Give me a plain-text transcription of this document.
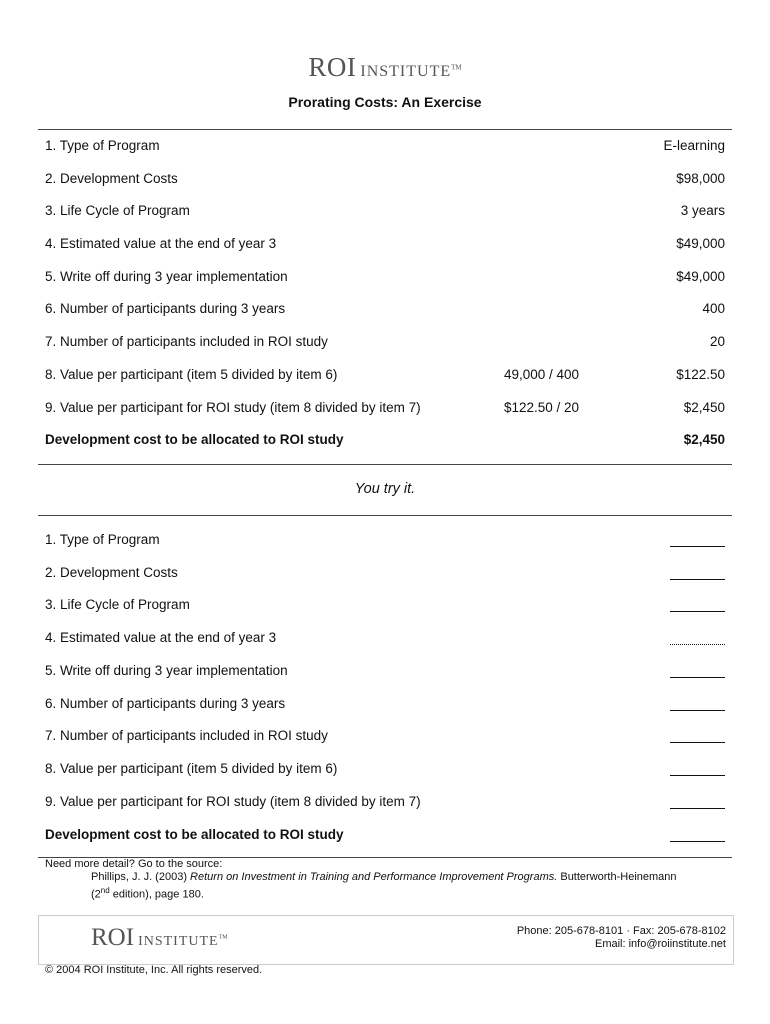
ROI INSTITUTE™
Prorating Costs: An Exercise
1. Type of Program	E-learning
2. Development Costs	$98,000
3. Life Cycle of Program	3 years
4. Estimated value at the end of year 3	$49,000
5. Write off during 3 year implementation	$49,000
6. Number of participants during 3 years	400
7. Number of participants included in ROI study	20
8. Value per participant (item 5 divided by item 6)	49,000 / 400	$122.50
9. Value per participant for ROI study (item 8 divided by item 7)	$122.50 / 20	$2,450
Development cost to be allocated to ROI study	$2,450
You try it.
1. Type of Program
2. Development Costs
3. Life Cycle of Program
4. Estimated value at the end of year 3
5. Write off during 3 year implementation
6. Number of participants during 3 years
7. Number of participants included in ROI study
8. Value per participant (item 5 divided by item 6)
9. Value per participant for ROI study (item 8 divided by item 7)
Development cost to be allocated to ROI study
Need more detail? Go to the source:
Phillips, J. J. (2003) Return on Investment in Training and Performance Improvement Programs. Butterworth-Heinemann
(2nd edition), page 180.
ROI INSTITUTE™
Phone: 205-678-8101 · Fax: 205-678-8102
Email: info@roiinstitute.net
© 2004 ROI Institute, Inc. All rights reserved.
